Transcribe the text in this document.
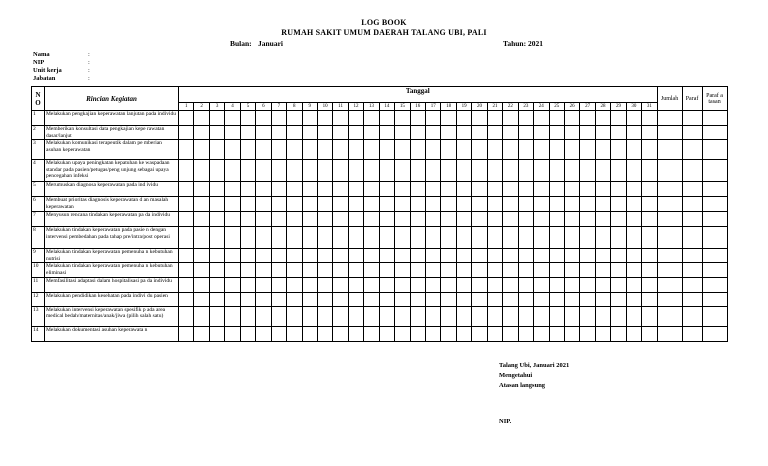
LOG BOOK
RUMAH SAKIT UMUM DAERAH TALANG UBI, PALI
Bulan: Januari	Tahun: 2021
Nama	:
NIP	:
Unit kerja	:
Jabatan	:
N O	Rincian Kegiatan	Tanggal																															Jumlah	Paraf	Paraf a tasan
		1	2	3	4	5	6	7	8	9	10	11	12	13	14	15	16	17	18	19	20	21	22	23	24	25	26	27	28	29	30	31			
1	Melakukan pengkajian keperawatan lanjutan pada individu																																		
2	Memberikan konsultasi data pengkajian kepe rawatan dasar/lanjut																																		
3	Melakukan komunikasi terapeutik dalam pe mberian asuhan keperawatan																																		
4	Melakukan upaya peningkatan kepatuhan ke waspadaan standar pada pasien/petugas/peng unjung sebagai upaya pencegahan infeksi																																		
5	Merumuskan diagnosa keperawatan pada ind ividu																																		
6	Membuat prioritas diagnosis keperawatan d an masalah keperawatan																																		
7	Menyusun rencana tindakan keperawatan pa da individu																																		
8	Melakukan tindakan keperawatan pada pasie n dengan intervensi pembedahan pada tahap pre/intra/post operasi																																		
9	Melakukan tindakan keperawatan pemenuha n kebutuhan nutrisi																																		
10	Melakukan tindakan keperawatan pemenuha n kebutuhan eliminasi																																		
11	Memfasilitasi adaptasi dalam hospitalisasi pa da individu																																		
12	Melakukan pendidikan kesehatan pada indivi du pasien																																		
13	Melakukan intervensi keperawatan spesifik p ada area medical bedah/maternitas/anak/jiwa (pilih salah satu)																																		
14	Melakukan dokumentasi asuhan keperawata n																																		
Talang Ubi, Januari 2021
Mengetahui
Atasan langsung
NIP.
